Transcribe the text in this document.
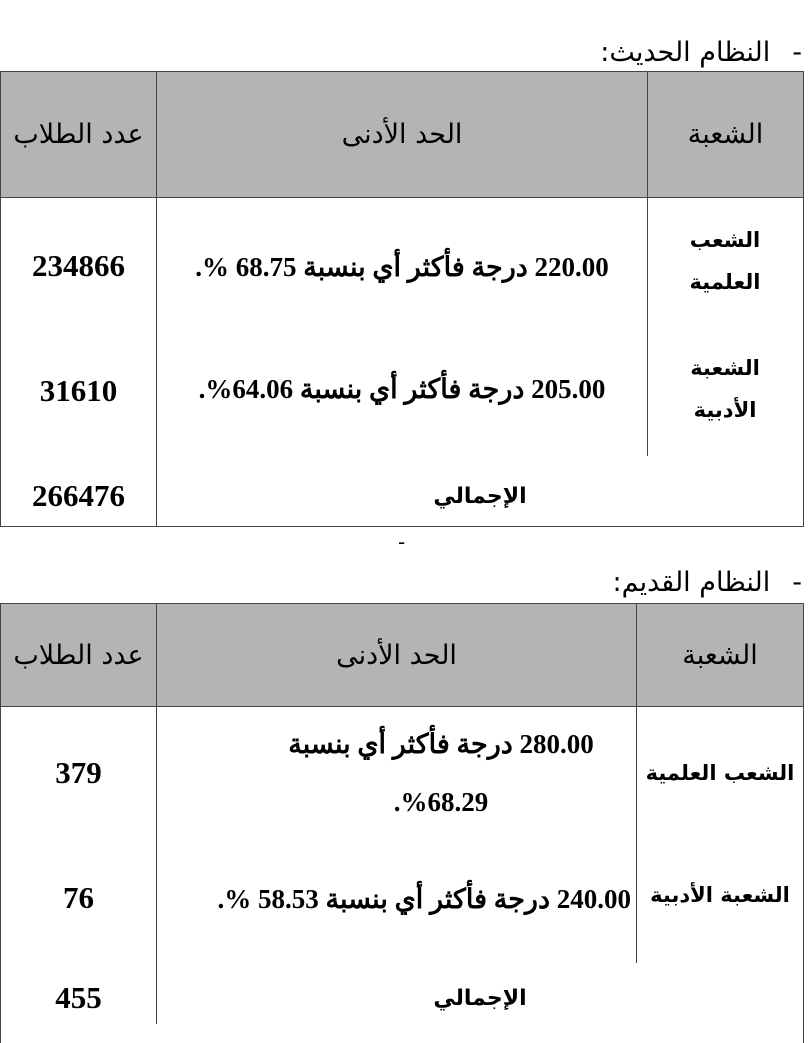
-النظام الحديث:
الشعبة
الحد الأدنى
عدد الطلاب
الشعب العلمية
220.00 درجة فأكثر أي بنسبة 68.75 %.
234866
الشعبة الأدبية
205.00 درجة فأكثر أي بنسبة 64.06%.
31610
الإجمالي
266476
-
-النظام القديم:
الشعبة
الحد الأدنى
عدد الطلاب
الشعب العلمية
280.00 درجة فأكثر أي بنسبة 68.29%.
379
الشعبة الأدبية
240.00 درجة فأكثر أي بنسبة 58.53 %.
76
الإجمالي
455
